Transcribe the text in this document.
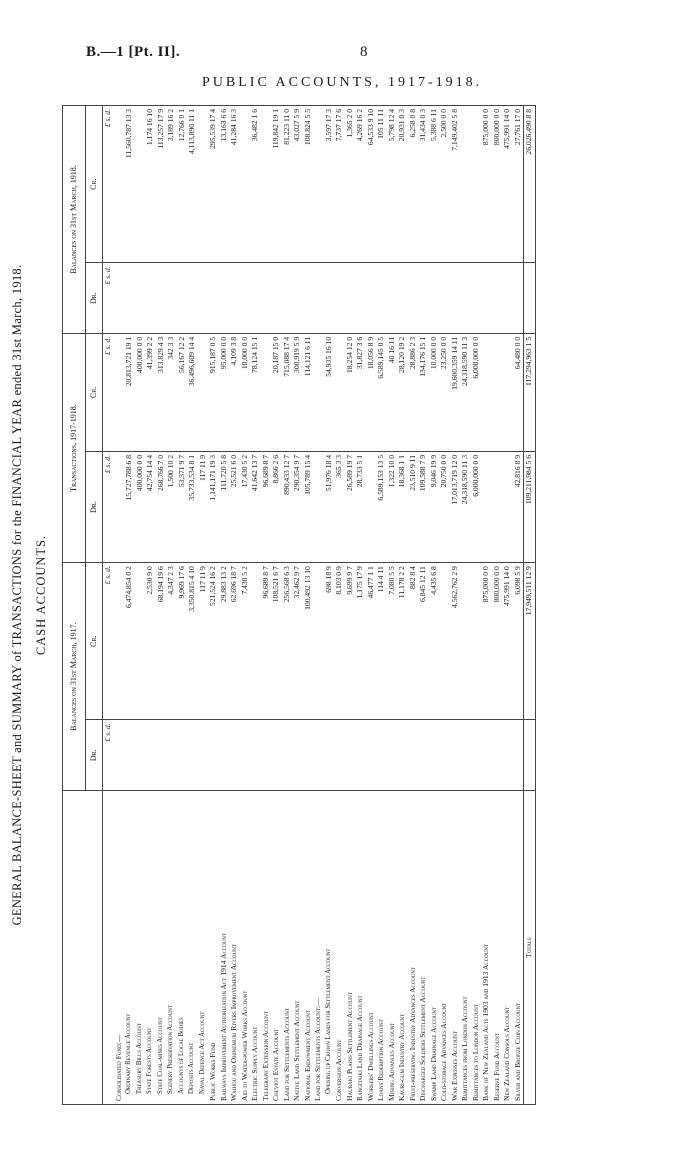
B.—1 [Pt. II].	8
PUBLIC ACCOUNTS, 1917-1918.
GENERAL BALANCE-SHEET and SUMMARY of TRANSACTIONS for the FINANCIAL YEAR ended 31st March, 1918. CASH ACCOUNTS.
	Balances on 31st March, 1917.		Transactions, 1917-1918.		Balances on 31st March, 1918.	
	Dr.	Cr.	Dr.	Cr.	Dr.	Cr.
	£ s. d.	£ s. d.	£ s. d.	£ s. d.	£ s. d.	£ s. d.
Consolidated Fund:—						
Ordinary Revenue Account		6,474,854 0 2	15,727,788 6 8	20,813,721 19 1		11,560,787 13 3
Treasury Bills Account			400,000 0 0	400,000 0 0		
State Forests Account		2,530 9 0	42,754 14 4	41,399 2 2		1,174 16 10
State Coal-mines Account		68,194 19 6	268,766 7 0	313,829 4 3		113,257 17 9
Scenery Preservation Account		4,347 2 3	1,500 10 2	342 3 3		3,189 16 2
Accounts of Local Bodies		9,969 17 6	53,371 9 7	56,167 12 2		12,766 0 1
Deposits Account		3,350,815 4 10	35,733,534 8 1	36,496,609 14 4		4,113,890 11 1
Naval Defence Act Account		117 11 9	117 11 9			
Public Works Fund		521,524 16 2	1,141,171 19 3	915,187 0 5		295,539 17 4
Railways Improvement Authorization Act 1914 Account		29,883 13 2	111,720 5 8	95,000 0 0		13,163 6 6
Waihou and Ohinemuri Rivers Improvement Account		62,696 18 7	25,521 6 0	4,109 3 8		41,284 16 3
Aid to Water-power Works Account		7,430 5 2	17,430 5 2	10,000 0 0		
Electric Supply Account			41,642 13 7	78,124 15 1		36,482 1 6
Telegraph Extension Account		96,689 8 7	96,689 8 7			
Cheviot Estate Account		108,521 6 7	8,866 2 6	20,187 15 0		119,842 19 1
Land for Settlements Account		256,568 6 3	890,433 12 7	715,088 17 4		81,223 11 0
Native Land Settlement Account		32,462 9 7	290,354 9 7	300,919 5 9		43,027 5 9
National Endowment Account		100,492 13 10	105,789 15 4	114,121 6 11		108,824 5 5
Land for Settlements Account:—						
Opening up Crown Lands for Settlement Account		698 18 9	51,976 18 4	54,935 16 10		3,597 17 3
Conversion Account		8,103 0 9	365 3 3			7,737 17 6
Hauraki Plains Settlement Account		9,699 9 7	26,589 19 7	18,254 12 0		1,365 2 0
Rangitaiki Land Drainage Account		1,175 17 9	28,733 5 1	31,827 3 6		4,269 16 2
Workers' Dwellings Account		46,477 1 1		18,056 8 9		64,533 9 10
Loans Redemption Account		114 4 11	6,589,153 13 5	6,589,145 0 5		105 11 11
Mining Advances Account		7,080 5 5	1,322 10 0	40 16 11		5,798 12 4
Kauri-gum Industry Account		11,178 2 2	18,368 1 1	28,120 19 2		20,931 0 3
Fruit-preserving Industry Advances Account		882 8 4	23,510 9 11	28,886 2 3		6,258 0 8
Discharged Soldiers Settlement Account		6,845 12 11	109,588 7 9	134,176 15 1		31,434 0 3
Swamp Land Drainage Account		4,435 6 8	9,046 19 9	10,000 0 0		5,388 6 11
Cold-storage Advances Account			20,750 0 0	23,250 0 0		2,500 0 0
War Expenses Account		4,562,762 2 9	17,013,719 12 0	19,600,359 14 11		7,149,402 5 8
Remittances from London Account			24,318,590 11 3	24,318,590 11 3		
Remittances to London Account			6,000,000 0 0	6,000,000 0 0		
Bank of New Zealand Acts 1903 and 1913 Account		875,000 0 0				875,000 0 0
Reserve Fund Account		800,000 0 0				800,000 0 0
New Zealand Consols Account		475,991 14 0				475,991 14 0
Silver and Bronze Coin Account		6,098 5 9	42,816 8 9	64,480 0 0		27,761 17 0
Totals		17,949,511 12 9	109,211,984 5 6	117,294,963 1 5		26,026,490 8 8
